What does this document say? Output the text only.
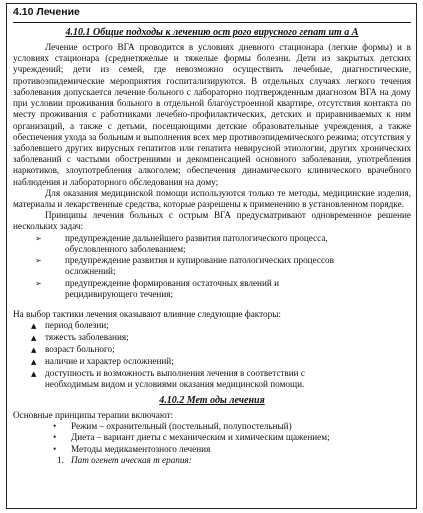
4.10 Лечение
4.10.1 Общие подходы к лечению ост рого вирусного гепат ит а А
Лечение острого ВГА проводится в условиях дневного стационара (легкие формы) и в условиях стационара (среднетяжелые и тяжелые формы болезни. Дети из закрытых детских учреждений; дети из семей, где невозможно осуществить лечебные, диагностические, противоэпидемические мероприятия госпитализируются. В отдельных случаях легкого течения заболевания допускается лечение больного с лабораторно подтвержденным диагнозом ВГА на дому при условии проживания больного в отдельной благоустроенной квартире, отсутствия контакта по месту проживания с работниками лечебно-профилактических, детских и приравниваемых к ним организаций, а также с детьми, посещающими детские образовательные учреждения, а также обеспечения ухода за больным и выполнения всех мер противоэпидемического режима; отсутствия у заболевшего других вирусных гепатитов или гепатита невирусной этиологии, других хронических заболеваний с частыми обострениями и декомпенсацией основного заболевания, употребления наркотиков, злоупотребления алкоголем; обеспечения динамического клинического врачебного наблюдения и лабораторного обследования на дому;
Для оказания медицинской помощи используются только те методы, медицинские изделия, материалы и лекарственные средства, которые разрешены к применению в установленном порядке.
Принципы лечения больных с острым ВГА предусматривают одновременное решение нескольких задач:
➢	предупреждение дальнейшего развития патологического процесса, обусловленного заболеванием;
➢	предупреждение развития и купирование патологических процессов осложнений;
➢	предупреждение формирования остаточных явлений и рецидивирующего течения;
На выбор тактики лечения оказывают влияние следующие факторы:
▲ период болезни;
▲ тяжесть заболевания;
▲ возраст больного;
▲ наличие и характер осложнений;
▲ доступность и возможность выполнения лечения в соответствии с необходимым видом и условиями оказания медицинской помощи.
4.10.2 Мет оды лечения
Основные принципы терапии включают:
•	Режим – охранительный (постельный, полупостельный)
•	Диета – вариант диеты с механическим и химическим щажением;
•	Методы медикаментозного лечения
1. Пат огенет ическая т ерапия:
